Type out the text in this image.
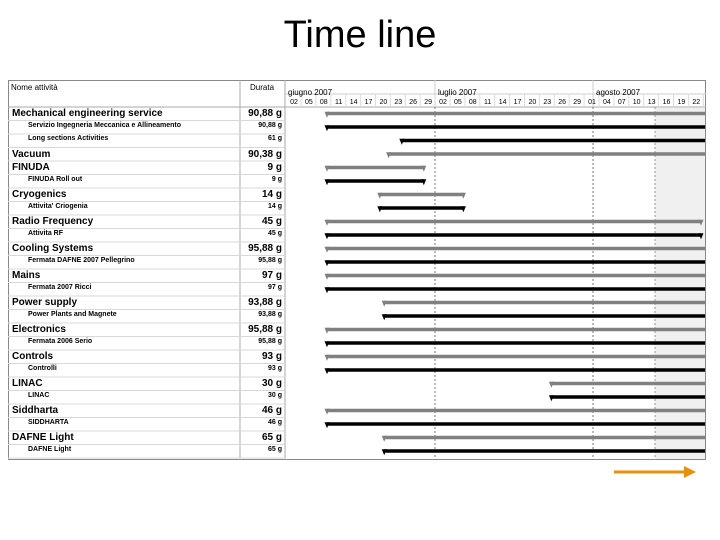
Time line
Nome attività	Durata
giugno 2007	luglio 2007	agosto 2007
02	05	08	11	14	17	20	23	26	29	02	05	08	11	14	17	20	23	26	29	01	04	07	10	13	16	19	22
Mechanical engineering service	90,88 g
Servizio Ingegneria Meccanica e Allineamento	90,88 g
Long sections Activities	61 g
Vacuum	90,38 g
FINUDA	9 g
FINUDA Roll out	9 g
Cryogenics	14 g
Attivita' Criogenia	14 g
Radio Frequency	45 g
Attivita RF	45 g
Cooling Systems	95,88 g
Fermata DAFNE 2007 Pellegrino	95,88 g
Mains	97 g
Fermata 2007 Ricci	97 g
Power supply	93,88 g
Power Plants and Magnete	93,88 g
Electronics	95,88 g
Fermata 2006 Serio	95,88 g
Controls	93 g
Controlli	93 g
LINAC	30 g
LINAC	30 g
Siddharta	46 g
SIDDHARTA	46 g
DAFNE Light	65 g
DAFNE Light	65 g
